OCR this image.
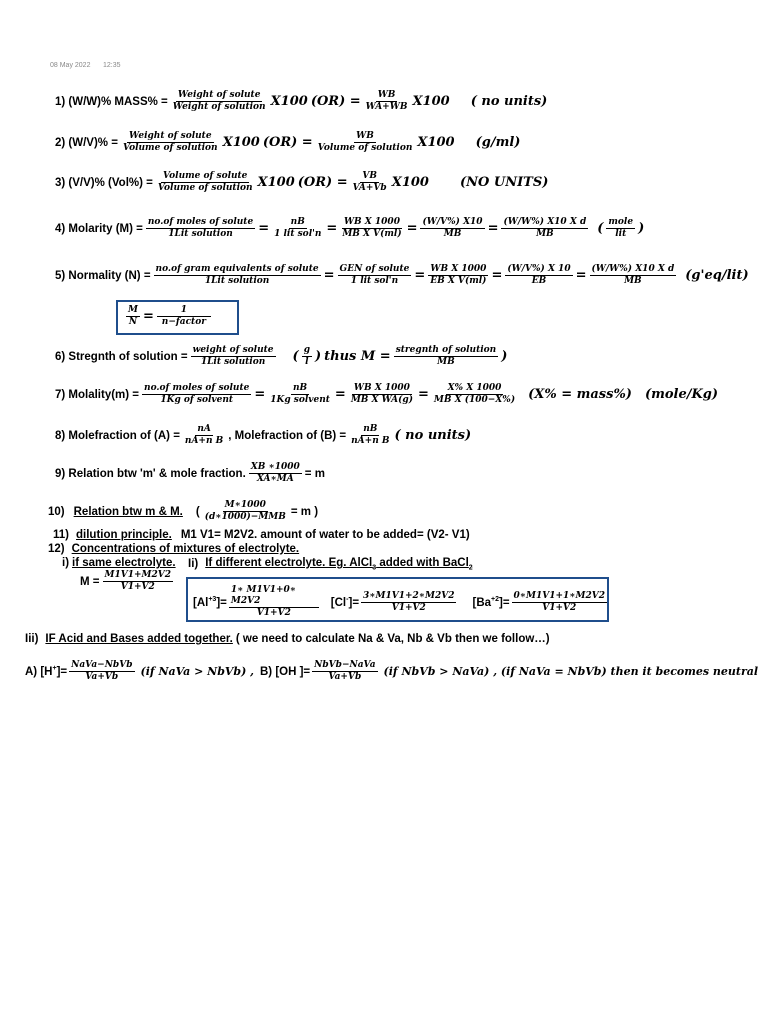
08 May 2022 12:35
1) (W/W)% MASS% = $\frac{\text{Weight of solute}}{\text{Weight of solution}} X100$ $(OR) = \frac{WB}{WA+WB} X100$ ( no units)
2) $(W/V)\% = \frac{\text{Weight of solute}}{\text{Volume of solution}} X100$ $(OR) = \frac{WB}{\text{Volume of solution}} X100$ (g/ml)
3) (V/V)% $(Vol\%) = \frac{\text{Volume of solute}}{\text{Volume of solution}} X100$ $(OR) = \frac{VB}{VA+Vb} X100$ (NO UNITS)
4) Molarity $(M) = \frac{\text{no.of moles of solute}}{\text{1Lit solution}} = \frac{nB}{\text{1 lit sol'n}} = \frac{\text{WB X 1000}}{\text{MB X V(ml)}} = \frac{(W/V\%) X10}{MB} = \frac{\text{(W/W\%) X10 X d}}{MB}$ ( $\frac{\text{mole}}{\text{lit}}$ )
5) Normality $(N) = \frac{\text{no.of gram equivalents of solute}}{\text{1Lit solution}} = \frac{\text{GEN of solute}}{\text{1 lit sol'n}} = \frac{\text{WB X 1000}}{\text{EB X V(ml)}} = \frac{(W/V\%) X 10}{EB} = \frac{\text{(W/W\%) X10 X d}}{MB} (g'eq/lit)$
$\frac{M}{N} = \frac{1}{\text{n−factor}}$
6) Stregnth of solution = $\frac{\text{weight of solute}}{\text{1Lit solution}}$ ( $\frac{g}{l}$ ) thus $M = \frac{\text{stregnth of solution}}{MB}$ )
7) Molality(m) = $\frac{\text{no.of moles of solute}}{\text{1Kg of solvent}} = \frac{nB}{\text{1Kg solvent}} = \frac{\text{WB X 1000}}{\text{MB X WA(g)}} = \frac{X\% X 1000}{\text{MB X (100−X\%)}} (X\%$ = mass%) (mole/Kg)
8) Molefraction of $(A) = \frac{nA}{\text{nA+n B}}$ , Molefraction of $(B) = \frac{nB}{\text{nA+n B}}$ ( no units)
9) Relation btw 'm' & mole fraction. $\frac{XB ∗1000}{XA∗MA} = m$
10) Relation btw m & M. ( $\frac{M∗1000}{\text{(d∗1000)−MMB}} = m$ )
11) dilution principle. M1 V1= M2V2. amount of water to be added= (V2- V1)
12) Concentrations of mixtures of electrolyte.
i) if same electrolyte.
$M = \frac{M1V1+M2V2}{V1+V2}$
Ii) If different electrolyte. Eg. AlCl$_3$ added with BaCl$_2$
$[Al^{+3}]= \frac{1∗ M1V1+0∗ M2V2}{V1+V2} [Cl^-]= \frac{3∗M1V1+2∗M2V2}{V1+V2} [Ba^{+2}]= \frac{0∗M1V1+1∗M2V2}{V1+V2}$
Iii) IF Acid and Bases added together. ( we need to calculate Na & Va, Nb & Vb then we follow…)
A) $[H^+]= \frac{\text{NaVa−NbVb}}{Va+Vb} (if$ NaVa > NbVb) , B) [OH ]= $\frac{\text{NbVb−NaVa}}{Va+Vb} (if$ NbVb > NaVa) , (if NaVa = NbVb) then it becomes neutral
